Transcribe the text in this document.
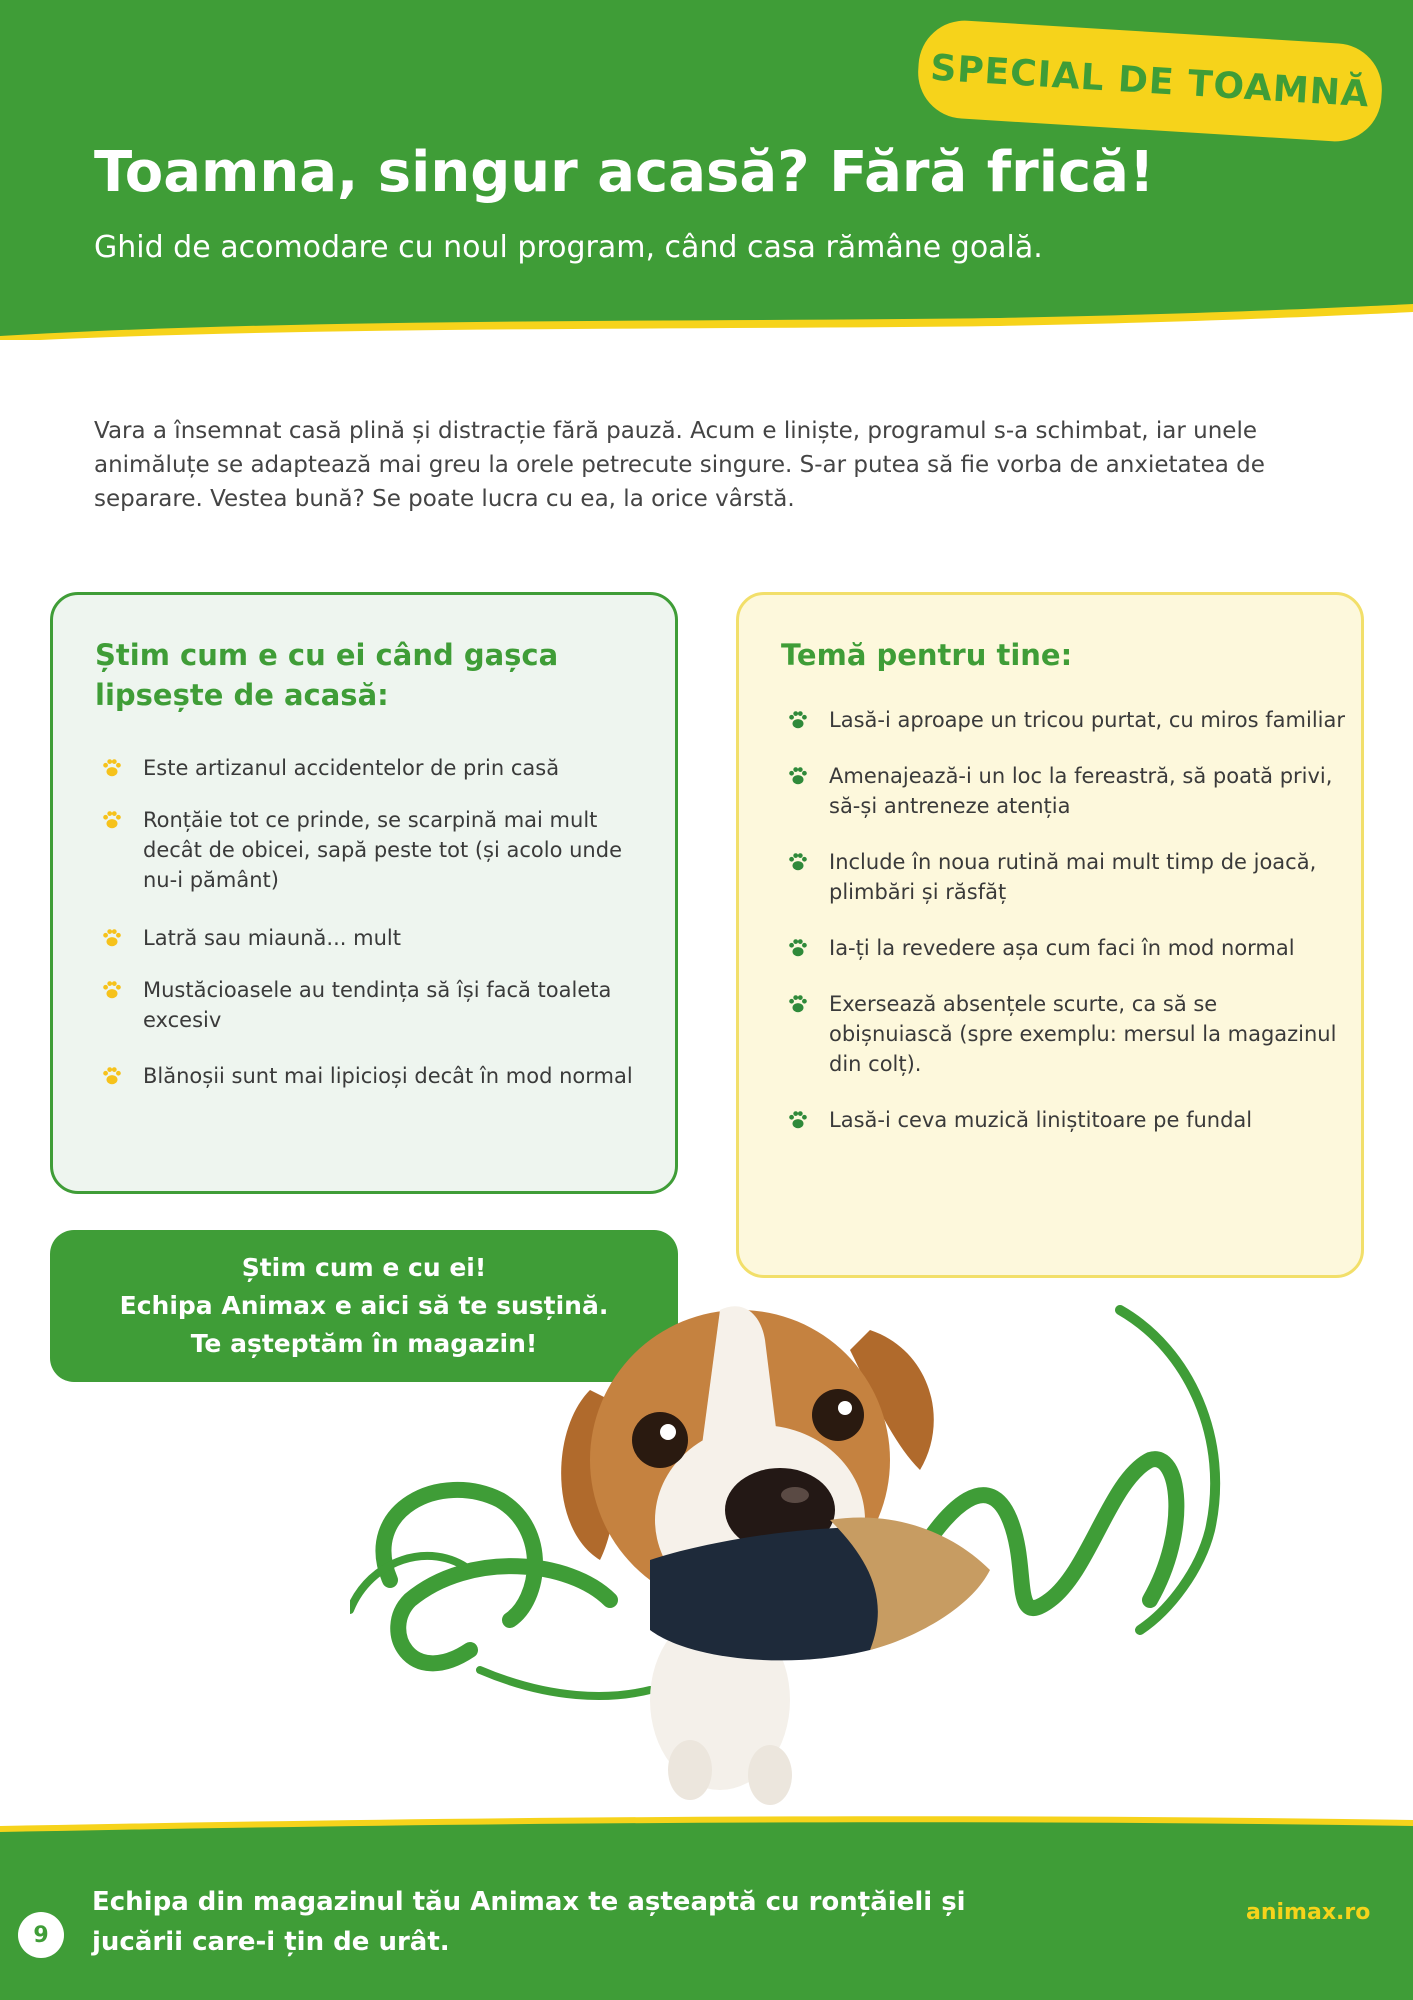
SPECIAL DE TOAMNĂ
Toamna, singur acasă? Fără frică!
Ghid de acomodare cu noul program, când casa rămâne goală.

Vara a însemnat casă plină și distracție fără pauză. Acum e liniște, programul s-a schimbat, iar unele animăluțe se adaptează mai greu la orele petrecute singure. S-ar putea să fie vorba de anxietatea de separare. Vestea bună? Se poate lucra cu ea, la orice vârstă.

Știm cum e cu ei când gașca lipsește de acasă:
Este artizanul accidentelor de prin casă
Ronțăie tot ce prinde, se scarpină mai mult decât de obicei, sapă peste tot (și acolo unde nu-i pământ)
Latră sau miaună... mult
Mustăcioasele au tendința să își facă toaleta excesiv
Blănoșii sunt mai lipicioși decât în mod normal
Temă pentru tine:
Lasă-i aproape un tricou purtat, cu miros familiar
Amenajează-i un loc la fereastră, să poată privi, să-și antreneze atenția
Include în noua rutină mai mult timp de joacă, plimbări și răsfăț
Ia-ți la revedere așa cum faci în mod normal
Exersează absențele scurte, ca să se obișnuiască (spre exemplu: mersul la magazinul din colț).
Lasă-i ceva muzică liniștitoare pe fundal
Știm cum e cu ei!
Echipa Animax e aici să te susțină.
Te așteptăm în magazin!
Echipa din magazinul tău Animax te așteaptă cu ronțăieli și jucării care-i țin de urât.
animax.ro
9
